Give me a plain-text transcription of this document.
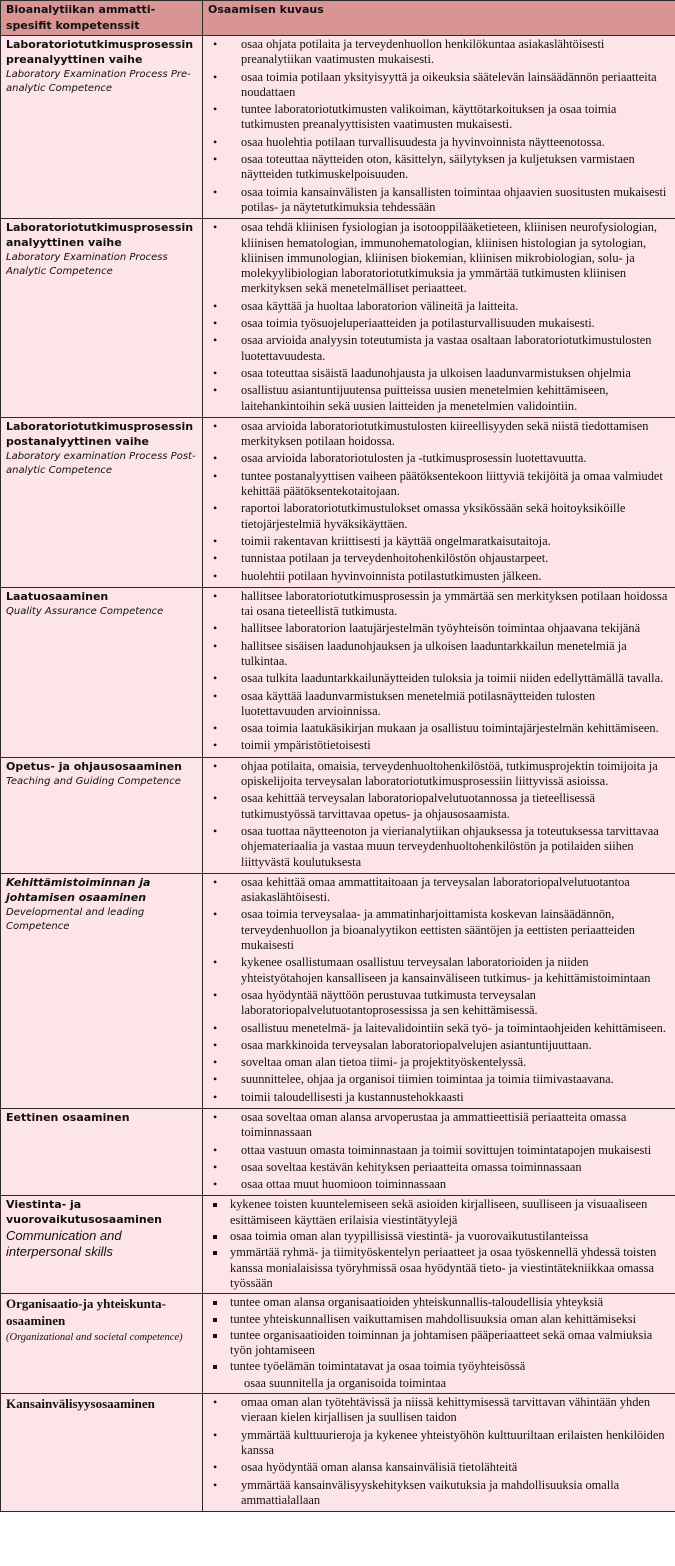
Bioanalytiikan ammatti-spesifit kompetenssit	Osaamisen kuvaus

Laboratoriotutkimusprosessin preanalyyttinen vaihe
Laboratory Examination Process Pre-analytic Competence

• osaa ohjata potilaita ja terveydenhuollon henkilökuntaa asiakaslähtöisesti preanalytiikan vaatimusten mukaisesti.
• osaa toimia potilaan yksityisyyttä ja oikeuksia säätelevän lainsäädännön periaatteita noudattaen
• tuntee laboratoriotutkimusten valikoiman, käyttötarkoituksen ja osaa toimia tutkimusten preanalyyttisisten vaatimusten mukaisesti.
• osaa huolehtia potilaan turvallisuudesta ja hyvinvoinnista näytteenotossa.
• osaa toteuttaa näytteiden oton, käsittelyn, säilytyksen ja kuljetuksen varmistaen näytteiden tutkimuskelpoisuuden.
• osaa toimia kansainvälisten ja kansallisten toimintaa ohjaavien suositusten mukaisesti potilas- ja näytetutkimuksia tehdessään

Laboratoriotutkimusprosessin analyyttinen vaihe
Laboratory Examination Process Analytic Competence

• osaa tehdä kliinisen fysiologian ja isotooppilääketieteen, kliinisen neurofysiologian, kliinisen hematologian, immunohematologian, kliinisen histologian ja sytologian, kliinisen immunologian, kliinisen biokemian, kliinisen mikrobiologian, solu- ja molekyylibiologian laboratoriotutkimuksia ja ymmärtää tutkimusten kliinisen merkityksen sekä menetelmälliset periaatteet.
• osaa käyttää ja huoltaa laboratorion välineitä ja laitteita.
• osaa toimia työsuojeluperiaatteiden ja potilasturvallisuuden mukaisesti.
• osaa arvioida analyysin toteutumista ja vastaa osaltaan laboratoriotutkimustulosten luotettavuudesta.
• osaa toteuttaa sisäistä laadunohjausta ja ulkoisen laadunvarmistuksen ohjelmia
• osallistuu asiantuntijuutensa puitteissa uusien menetelmien kehittämiseen, laitehankintoihin sekä uusien laitteiden ja menetelmien validointiin.

Laboratoriotutkimusprosessin postanalyyttinen vaihe
Laboratory examination Process Post-analytic Competence

• osaa arvioida laboratoriotutkimustulosten kiireellisyyden sekä niistä tiedottamisen merkityksen potilaan hoidossa.
• osaa arvioida laboratoriotulosten ja -tutkimusprosessin luotettavuutta.
• tuntee postanalyyttisen vaiheen päätöksentekoon liittyviä tekijöitä ja omaa valmiudet kehittää päätöksentekotaitojaan.
• raportoi laboratoriotutkimustulokset omassa yksikössään sekä hoitoyksiköille tietojärjestelmiä hyväksikäyttäen.
• toimii rakentavan kriittisesti ja käyttää ongelmaratkaisutaitoja.
• tunnistaa potilaan ja terveydenhoitohenkilöstön ohjaustarpeet.
• huolehtii potilaan hyvinvoinnista potilastutkimusten jälkeen.

Laatuosaaminen
Quality Assurance Competence

• hallitsee laboratoriotutkimusprosessin ja ymmärtää sen merkityksen potilaan hoidossa tai osana tieteellistä tutkimusta.
• hallitsee laboratorion laatujärjestelmän työyhteisön toimintaa ohjaavana tekijänä
• hallitsee sisäisen laadunohjauksen ja ulkoisen laaduntarkkailun menetelmiä ja tulkintaa.
• osaa tulkita laaduntarkkailunäytteiden tuloksia ja toimii niiden edellyttämällä tavalla.
• osaa käyttää laadunvarmistuksen menetelmiä potilasnäytteiden tulosten luotettavuuden arvioinnissa.
• osaa toimia laatukäsikirjan mukaan ja osallistuu toimintajärjestelmän kehittämiseen.
• toimii ympäristötietoisesti

Opetus- ja ohjausosaaminen
Teaching and Guiding Competence

• ohjaa potilaita, omaisia, terveydenhuoltohenkilöstöä, tutkimusprojektin toimijoita ja opiskelijoita terveysalan laboratoriotutkimusprosessiin liittyvissä asioissa.
• osaa kehittää terveysalan laboratoriopalvelutuotannossa ja tieteellisessä tutkimustyössä tarvittavaa opetus- ja ohjausosaamista.
• osaa tuottaa näytteenoton ja vierianalytiikan ohjauksessa ja toteutuksessa tarvittavaa ohjemateriaalia ja vastaa muun terveydenhuoltohenkilöstön ja potilaiden siihen liittyvästä koulutuksesta

Kehittämistoiminnan ja johtamisen osaaminen
Developmental and leading Competence

• osaa kehittää omaa ammattitaitoaan ja terveysalan laboratoriopalvelutuotantoa asiakaslähtöisesti.
• osaa toimia terveysalaa- ja ammatinharjoittamista koskevan lainsäädännön, terveydenhuollon ja bioanalyytikon eettisten sääntöjen ja eettisten periaatteiden mukaisesti
• kykenee osallistumaan osallistuu terveysalan laboratorioiden ja niiden yhteistyötahojen kansalliseen ja kansainväliseen tutkimus- ja kehittämistoimintaan
• osaa hyödyntää näyttöön perustuvaa tutkimusta terveysalan laboratoriopalvelutuotantoprosessissa ja sen kehittämisessä.
• osallistuu menetelmä- ja laitevalidointiin sekä työ- ja toimintaohjeiden kehittämiseen.
• osaa markkinoida terveysalan laboratoriopalvelujen asiantuntijuuttaan.
• soveltaa oman alan tietoa tiimi- ja projektityöskentelyssä.
• suunnittelee, ohjaa ja organisoi tiimien toimintaa ja toimia tiimivastaavana.
• toimii taloudellisesti ja kustannustehokkaasti

Eettinen osaaminen

•osaa soveltaa oman alansa arvoperustaa ja ammattieettisiä periaatteita omassa toiminnassaan
• ottaa vastuun omasta toiminnastaan ja toimii sovittujen toimintatapojen mukaisesti
• osaa soveltaa kestävän kehityksen periaatteita omassa toiminnassaan
• osaa ottaa muut huomioon toiminnassaan

Viestinta- ja vuorovaikutusosaaminen
Communication and interpersonal skills

kykenee toisten kuuntelemiseen sekä asioiden kirjalliseen, suulliseen ja visuaaliseen esittämiseen käyttäen erilaisia viestintätyylejä
osaa toimia oman alan tyypillisissä viestintä- ja vuorovaikutustilanteissa
ymmärtää ryhmä- ja tiimityöskentelyn periaatteet ja osaa työskennellä yhdessä toisten kanssa monialaisissa työryhmissä osaa hyödyntää tieto- ja viestintätekniikkaa omassa työssään

Organisaatio-ja yhteiskunta-osaaminen
(Organizational and societal competence)

tuntee oman alansa organisaatioiden yhteiskunnallis-taloudellisia yhteyksiä
tuntee yhteiskunnallisen vaikuttamisen mahdollisuuksia oman alan kehittämiseksi
tuntee organisaatioiden toiminnan ja johtamisen pääperiaatteet sekä omaa valmiuksia työn johtamiseen
tuntee työelämän toimintatavat ja osaa toimia työyhteisössä
osaa suunnitella ja organisoida toimintaa

Kansainvälisyysosaaminen

•omaa oman alan työtehtävissä ja niissä kehittymisessä tarvittavan vähintään yhden vieraan kielen kirjallisen ja suullisen taidon
• ymmärtää kulttuurieroja ja kykenee yhteistyöhön kulttuuriltaan erilaisten henkilöiden kanssa
• osaa hyödyntää oman alansa kansainvälisiä tietolähteitä
• ymmärtää kansainvälisyyskehityksen vaikutuksia ja mahdollisuuksia omalla ammattialallaan
